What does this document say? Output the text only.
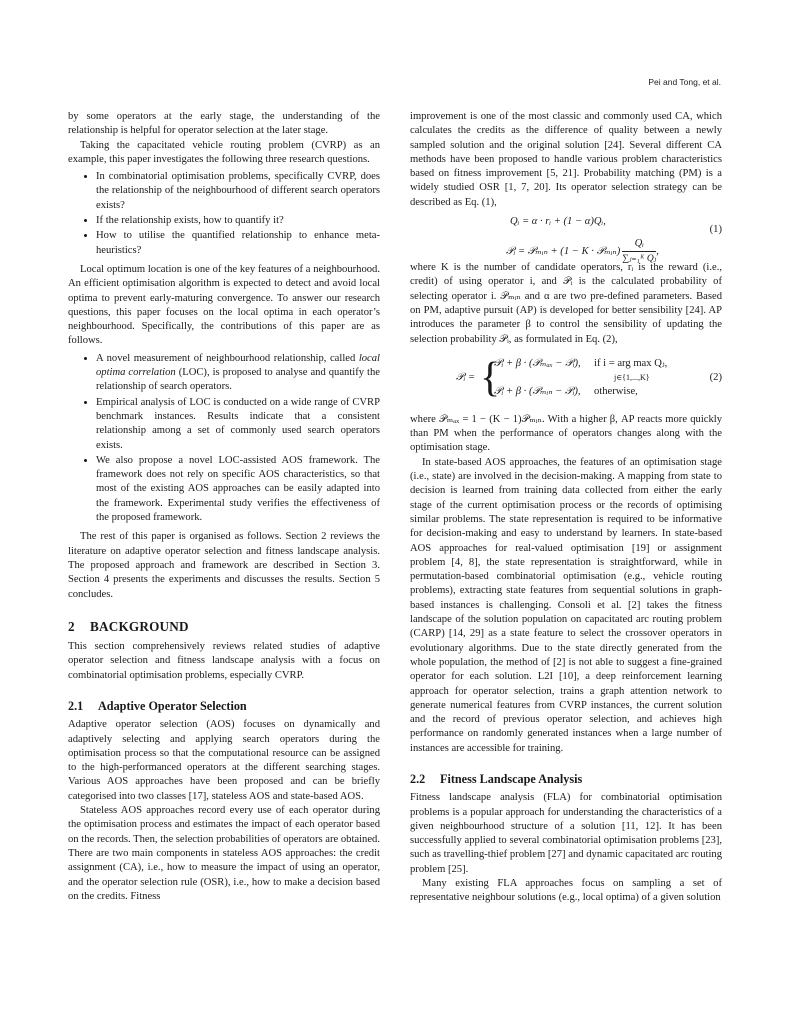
Pei and Tong, et al.

by some operators at the early stage, the understanding of the relationship is helpful for operator selection at the later stage.

Taking the capacitated vehicle routing problem (CVRP) as an example, this paper investigates the following three research questions.

• In combinatorial optimisation problems, specifically CVRP, does the relationship of the neighbourhood of different search operators exists?
• If the relationship exists, how to quantify it?
• How to utilise the quantified relationship to enhance meta-heuristics?

Local optimum location is one of the key features of a neighbourhood. An efficient optimisation algorithm is expected to detect and avoid local optima to prevent early-maturing convergence. To answer our research questions, this paper focuses on the local optima in each operator’s neighbourhood. Specifically, the contributions of this paper are as follows.

• A novel measurement of neighbourhood relationship, called local optima correlation (LOC), is proposed to analyse and quantify the relationship of search operators.
• Empirical analysis of LOC is conducted on a wide range of CVRP benchmark instances. Results indicate that a consistent relationship among a set of commonly used search operators exists.
• We also propose a novel LOC-assisted AOS framework. The framework does not rely on specific AOS characteristics, so that most of the existing AOS approaches can be easily adapted into the framework. Experimental study verifies the effectiveness of the proposed framework.

The rest of this paper is organised as follows. Section 2 reviews the literature on adaptive operator selection and fitness landscape analysis. The proposed approach and framework are described in Section 3. Section 4 presents the experiments and discusses the results. Section 5 concludes.

2 BACKGROUND

This section comprehensively reviews related studies of adaptive operator selection and fitness landscape analysis with a focus on combinatorial optimisation problems, especially CVRP.

2.1 Adaptive Operator Selection

Adaptive operator selection (AOS) focuses on dynamically and adaptively selecting and applying search operators during the optimisation process so that the computational resource can be assigned to the high-performanced operators at the different searching stages. Various AOS approaches have been proposed and can be briefly categorised into two classes [17], stateless AOS and state-based AOS.

Stateless AOS approaches record every use of each operator during the optimisation process and estimates the impact of each operator based on the records. Then, the selection probabilities of operators are obtained. There are two main components in stateless AOS approaches: the credit assignment (CA), i.e., how to measure the impact of using an operator, and the operator selection rule (OSR), i.e., how to make a decision based on the credits. Fitness

improvement is one of the most classic and commonly used CA, which calculates the credits as the difference of quality between a newly sampled solution and the original solution [24]. Several different CA methods have been proposed to handle various problem characteristics based on fitness improvement [5, 21]. Probability matching (PM) is a widely studied OSR [1, 7, 20]. Its operator selection strategy can be described as Eq. (1),

Qᵢ = α · rᵢ + (1 − α)Qᵢ,
𝒫ᵢ = 𝒫ₘᵢₙ + (1 − K · 𝒫ₘᵢₙ) $\frac{\text{Qᵢ}}{\text{∑ⱼ₌₁ᴷ Qⱼ}}$ ,
(1)

where K is the number of candidate operators, rᵢ is the reward (i.e., credit) of using operator i, and 𝒫ᵢ is the calculated probability of selecting operator i. 𝒫ₘᵢₙ and α are two pre-defined parameters. Based on PM, adaptive pursuit (AP) is developed for better sensibility [24]. AP introduces the parameter β to control the sensibility of updating the selection probability 𝒫ᵢ, as formulated in Eq. (2),

𝒫ᵢ = {
𝒫ᵢ + β · (𝒫ₘₐₓ − 𝒫ᵢ), if i = arg max Qⱼ,
j∈{1,...,K}
𝒫ᵢ + β · (𝒫ₘᵢₙ − 𝒫ᵢ), otherwise,
(2)

where 𝒫ₘₐₓ = 1 − (K − 1)𝒫ₘᵢₙ. With a higher β, AP reacts more quickly than PM when the performance of operators changes along with the optimisation stage.

In state-based AOS approaches, the features of an optimisation stage (i.e., state) are involved in the decision-making. A mapping from state to decision is learned from training data collected from either the early stage of the current optimisation process or the records of optimising similar problems. The state representation is required to be informative for decision-making and easy to understand by learners. In state-based AOS approaches for real-valued optimisation [19] or assignment problem [4, 8], the state representation is straightforward, while in permutation-based combinatorial optimisation (e.g., vehicle routing problems), extracting state features from sequential solutions in graph-based instances is challenging. Consoli et al. [2] takes the fitness landscape of the solution population on capacitated arc routing problem (CARP) [14, 29] as a state feature to select the crossover operators in evolutionary algorithms. Due to the state directly generated from the whole population, the method of [2] is not able to suggest a fine-grained operator for each solution. L2I [10], a deep reinforcement learning approach for operator selection, trains a graph attention network to generate numerical features from CVRP instances, the current solution and the record of previous operator selection, and achieves high performance on randomly generated instances when a large number of instances are accessible for training.

2.2 Fitness Landscape Analysis

Fitness landscape analysis (FLA) for combinatorial optimisation problems is a popular approach for understanding the characteristics of a given neighbourhood structure of a solution [11, 12]. It has been successfully applied to several combinatorial optimisation problems [23], such as travelling-thief problem [27] and dynamic capacitated arc routing problem [25].

Many existing FLA approaches focus on sampling a set of representative neighbour solutions (e.g., local optima) of a given solution
